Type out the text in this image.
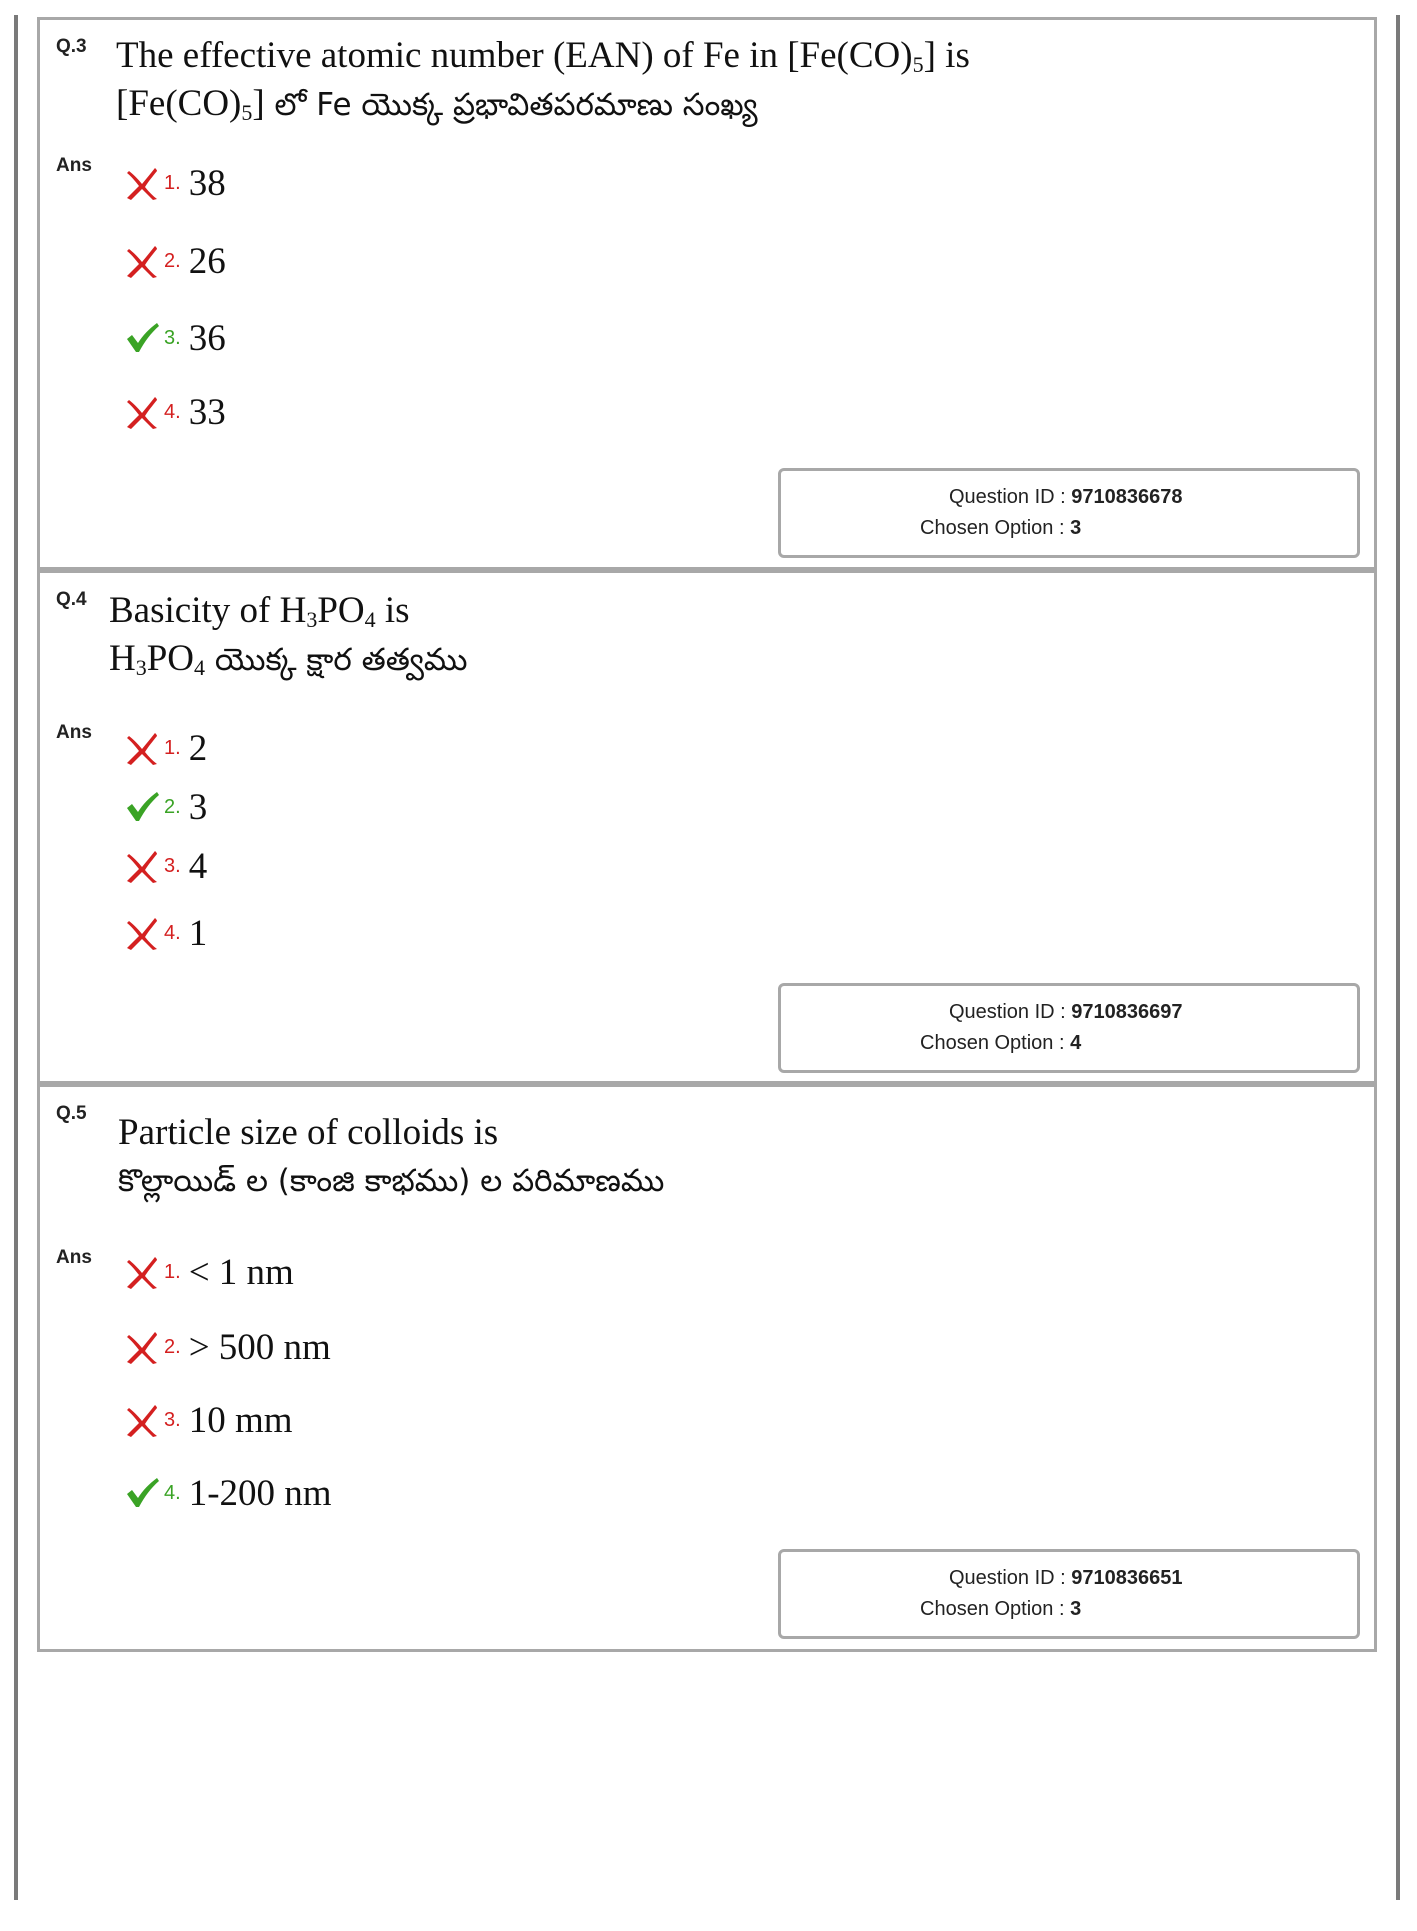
Q.3 The effective atomic number (EAN) of Fe in $[Fe(CO)_5]$ is
$[Fe(CO)_5]$ లో Fe యొక్క ప్రభావితపరమాణు సంఖ్య
Ans
1. 38
2. 26
3. 36
4. 33
Question ID : 9710836678
Chosen Option : 3
Q.4 Basicity of $H_3PO_4$ is
$H_3PO_4$ యొక్క క్షార తత్వము
Ans
1. 2
2. 3
3. 4
4. 1
Question ID : 9710836697
Chosen Option : 4
Q.5 Particle size of colloids is
కొల్లాయిడ్ ల (కాంజి కాభము) ల పరిమాణము
Ans
1. < 1 nm
2. > 500 nm
3. 10 mm
4. 1-200 nm
Question ID : 9710836651
Chosen Option : 3
